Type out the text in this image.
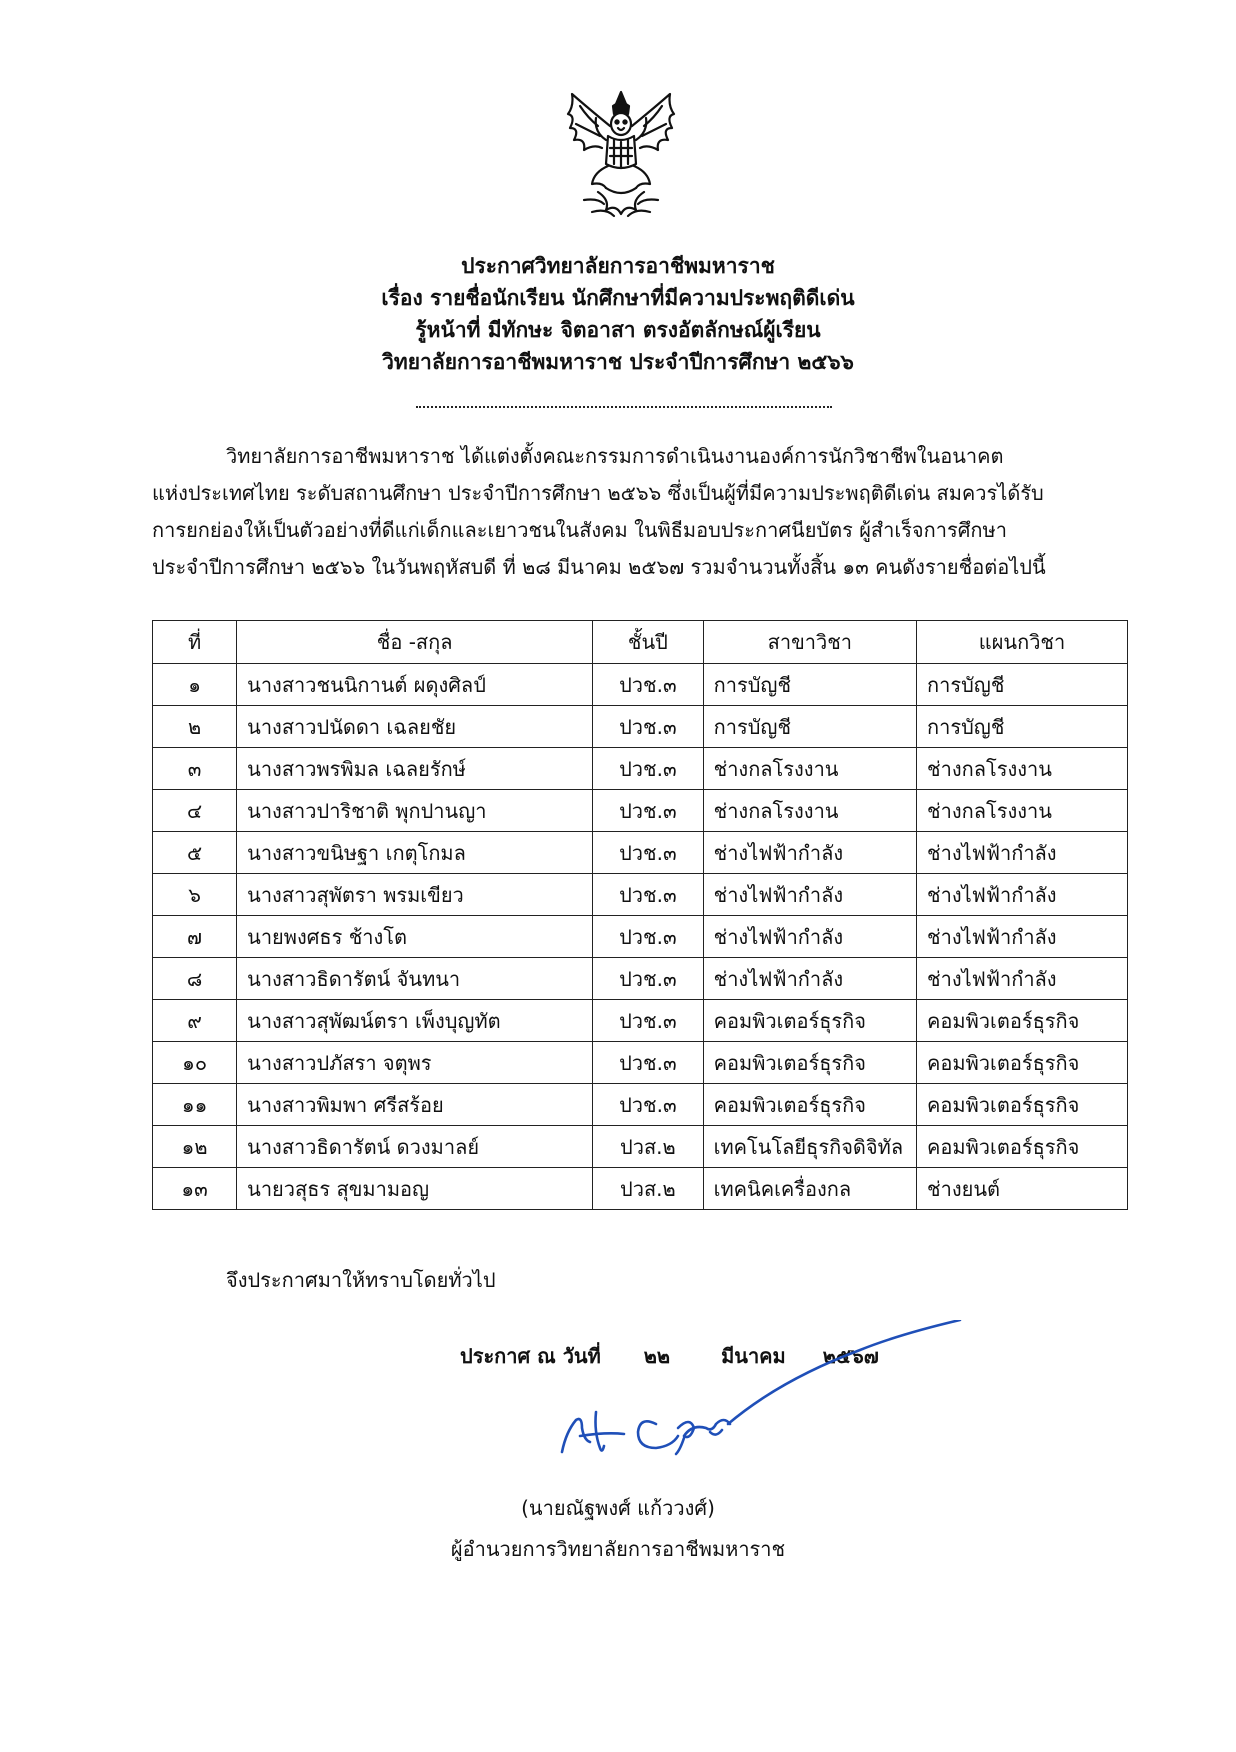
ประกาศวิทยาลัยการอาชีพมหาราช
เรื่อง รายชื่อนักเรียน นักศึกษาที่มีความประพฤติดีเด่น
รู้หน้าที่ มีทักษะ จิตอาสา ตรงอัตลักษณ์ผู้เรียน
วิทยาลัยการอาชีพมหาราช ประจำปีการศึกษา ๒๕๖๖
วิทยาลัยการอาชีพมหาราช ได้แต่งตั้งคณะกรรมการดำเนินงานองค์การนักวิชาชีพในอนาคต
แห่งประเทศไทย ระดับสถานศึกษา ประจำปีการศึกษา ๒๕๖๖ ซึ่งเป็นผู้ที่มีความประพฤติดีเด่น สมควรได้รับ
การยกย่องให้เป็นตัวอย่างที่ดีแก่เด็กและเยาวชนในสังคม ในพิธีมอบประกาศนียบัตร ผู้สำเร็จการศึกษา
ประจำปีการศึกษา ๒๕๖๖ ในวันพฤหัสบดี ที่ ๒๘ มีนาคม ๒๕๖๗ รวมจำนวนทั้งสิ้น ๑๓ คนดังรายชื่อต่อไปนี้
ที่	ชื่อ -สกุล	ชั้นปี	สาขาวิชา	แผนกวิชา
๑	นางสาวชนนิกานต์ ผดุงศิลป์	ปวช.๓	การบัญชี	การบัญชี
๒	นางสาวปนัดดา เฉลยชัย	ปวช.๓	การบัญชี	การบัญชี
๓	นางสาวพรพิมล เฉลยรักษ์	ปวช.๓	ช่างกลโรงงาน	ช่างกลโรงงาน
๔	นางสาวปาริชาติ พุกปานญา	ปวช.๓	ช่างกลโรงงาน	ช่างกลโรงงาน
๕	นางสาวขนิษฐา เกตุโกมล	ปวช.๓	ช่างไฟฟ้ากำลัง	ช่างไฟฟ้ากำลัง
๖	นางสาวสุพัตรา พรมเขียว	ปวช.๓	ช่างไฟฟ้ากำลัง	ช่างไฟฟ้ากำลัง
๗	นายพงศธร ช้างโต	ปวช.๓	ช่างไฟฟ้ากำลัง	ช่างไฟฟ้ากำลัง
๘	นางสาวธิดารัตน์ จันทนา	ปวช.๓	ช่างไฟฟ้ากำลัง	ช่างไฟฟ้ากำลัง
๙	นางสาวสุพัฒน์ตรา เพ็งบุญทัต	ปวช.๓	คอมพิวเตอร์ธุรกิจ	คอมพิวเตอร์ธุรกิจ
๑๐	นางสาวปภัสรา จตุพร	ปวช.๓	คอมพิวเตอร์ธุรกิจ	คอมพิวเตอร์ธุรกิจ
๑๑	นางสาวพิมพา ศรีสร้อย	ปวช.๓	คอมพิวเตอร์ธุรกิจ	คอมพิวเตอร์ธุรกิจ
๑๒	นางสาวธิดารัตน์ ดวงมาลย์	ปวส.๒	เทคโนโลยีธุรกิจดิจิทัล	คอมพิวเตอร์ธุรกิจ
๑๓	นายวสุธร สุขมามอญ	ปวส.๒	เทคนิคเครื่องกล	ช่างยนต์
จึงประกาศมาให้ทราบโดยทั่วไป
ประกาศ ณ วันที่ ๒๒	มีนาคม ๒๕๖๗
(นายณัฐพงศ์ แก้ววงศ์)
ผู้อำนวยการวิทยาลัยการอาชีพมหาราช
